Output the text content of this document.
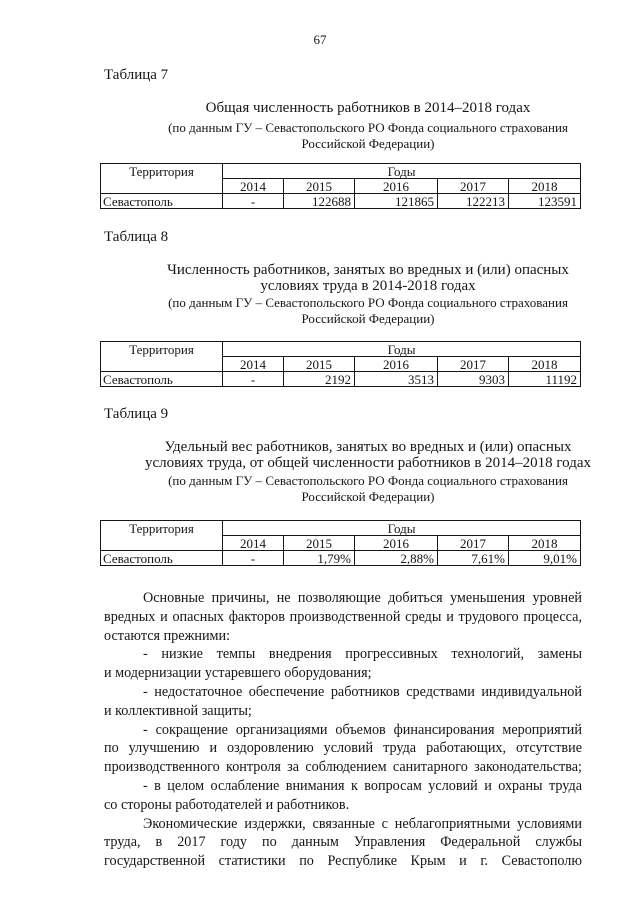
67
Таблица 7
Общая численность работников в 2014–2018 годах
(по данным ГУ – Севастопольского РО Фонда социального страхования
Российской Федерации)
Территория	Годы				
	2014	2015	2016	2017	2018
Севастополь	-	122688	121865	122213	123591
Таблица 8
Численность работников, занятых во вредных и (или) опасных
условиях труда в 2014-2018 годах
(по данным ГУ – Севастопольского РО Фонда социального страхования
Российской Федерации)
Территория	Годы				
	2014	2015	2016	2017	2018
Севастополь	-	2192	3513	9303	11192
Таблица 9
Удельный вес работников, занятых во вредных и (или) опасных
условиях труда, от общей численности работников в 2014–2018 годах
(по данным ГУ – Севастопольского РО Фонда социального страхования
Российской Федерации)
Территория	Годы				
	2014	2015	2016	2017	2018
Севастополь	-	1,79%	2,88%	7,61%	9,01%
Основные причины, не позволяющие добиться уменьшения уровней
вредных и опасных факторов производственной среды и трудового процесса,
остаются прежними:
- низкие темпы внедрения прогрессивных технологий, замены
и модернизации устаревшего оборудования;
- недостаточное обеспечение работников средствами индивидуальной
и коллективной защиты;
- сокращение организациями объемов финансирования мероприятий
по улучшению и оздоровлению условий труда работающих, отсутствие
производственного контроля за соблюдением санитарного законодательства;
- в целом ослабление внимания к вопросам условий и охраны труда
со стороны работодателей и работников.
Экономические издержки, связанные с неблагоприятными условиями
труда, в 2017 году по данным Управления Федеральной службы
государственной статистики по Республике Крым и г. Севастополю
